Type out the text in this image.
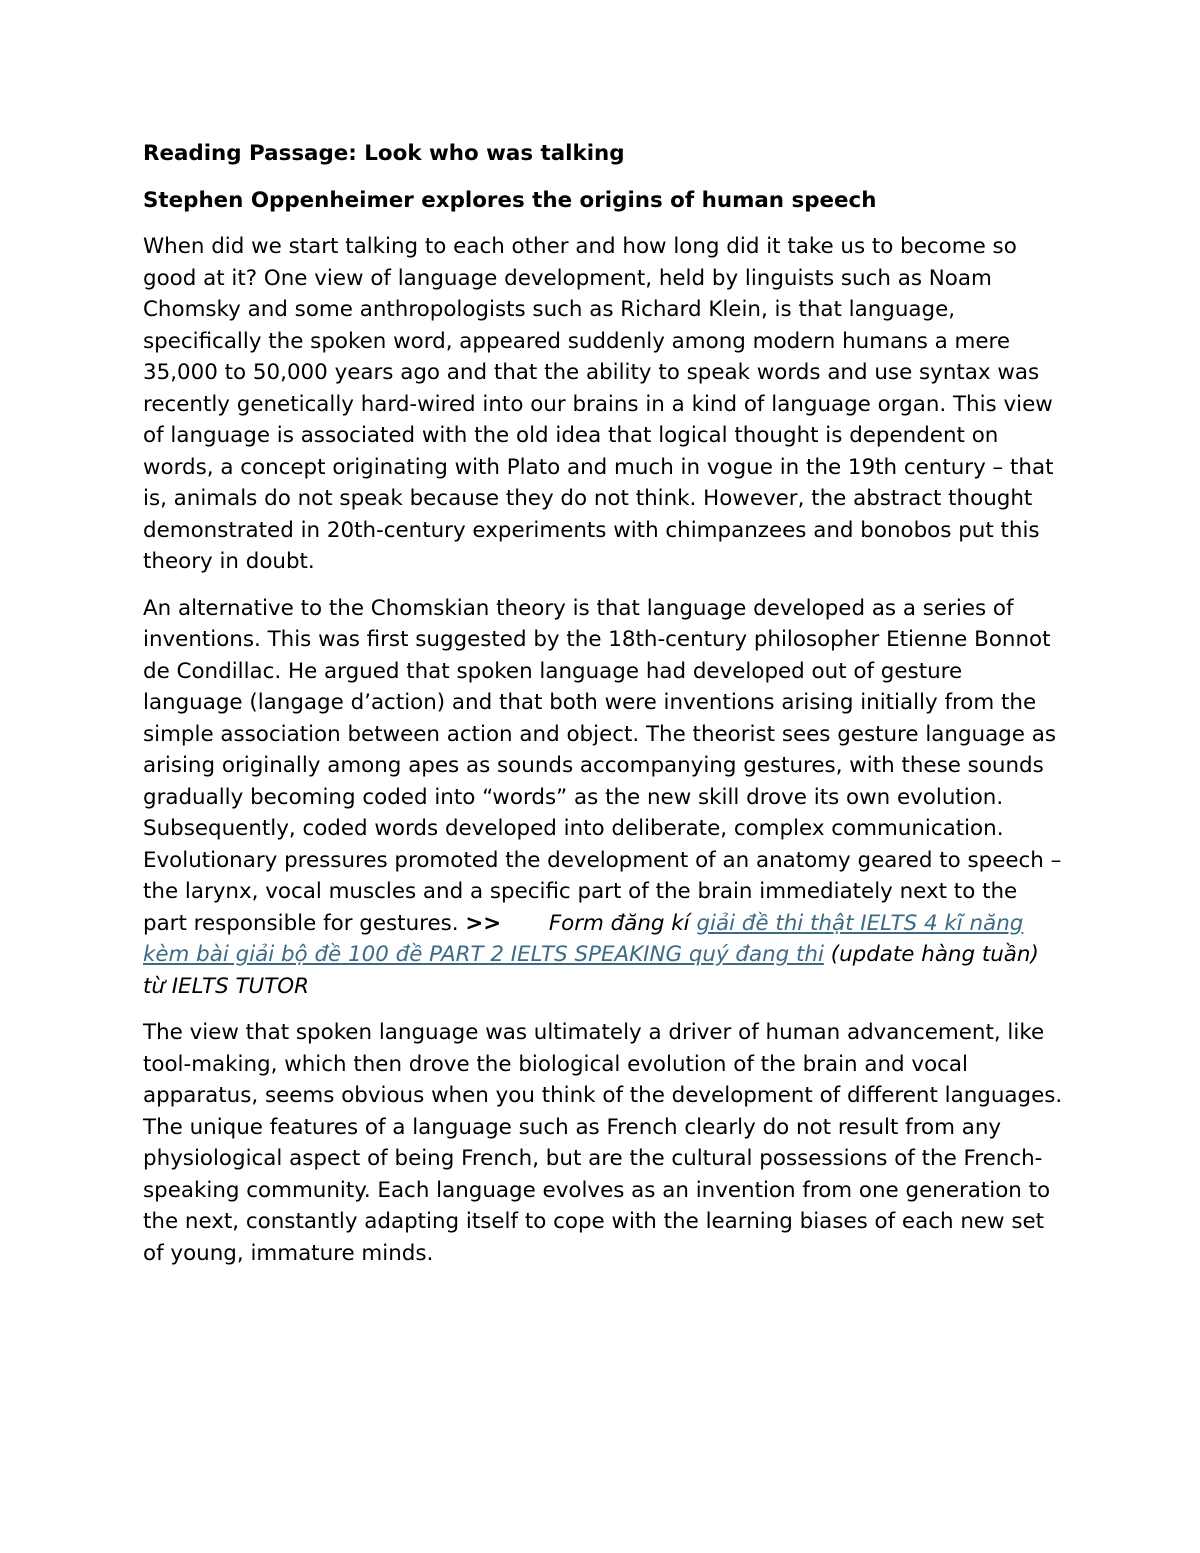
Reading Passage: Look who was talking
Stephen Oppenheimer explores the origins of human speech

When did we start talking to each other and how long did it take us to become so good at it? One view of language development, held by linguists such as Noam Chomsky and some anthropologists such as Richard Klein, is that language, specifically the spoken word, appeared suddenly among modern humans a mere 35,000 to 50,000 years ago and that the ability to speak words and use syntax was recently genetically hard-wired into our brains in a kind of language organ. This view of language is associated with the old idea that logical thought is dependent on words, a concept originating with Plato and much in vogue in the 19th century – that is, animals do not speak because they do not think. However, the abstract thought demonstrated in 20th-century experiments with chimpanzees and bonobos put this theory in doubt.

An alternative to the Chomskian theory is that language developed as a series of inventions. This was first suggested by the 18th-century philosopher Etienne Bonnot de Condillac. He argued that spoken language had developed out of gesture language (langage d’action) and that both were inventions arising initially from the simple association between action and object. The theorist sees gesture language as arising originally among apes as sounds accompanying gestures, with these sounds gradually becoming coded into “words” as the new skill drove its own evolution. Subsequently, coded words developed into deliberate, complex communication. Evolutionary pressures promoted the development of an anatomy geared to speech – the larynx, vocal muscles and a specific part of the brain immediately next to the part responsible for gestures. >> Form đăng kí giải đề thi thật IELTS 4 kĩ năng kèm bài giải bộ đề 100 đề PART 2 IELTS SPEAKING quý đang thi (update hàng tuần) từ IELTS TUTOR

The view that spoken language was ultimately a driver of human advancement, like tool-making, which then drove the biological evolution of the brain and vocal apparatus, seems obvious when you think of the development of different languages. The unique features of a language such as French clearly do not result from any physiological aspect of being French, but are the cultural possessions of the French-speaking community. Each language evolves as an invention from one generation to the next, constantly adapting itself to cope with the learning biases of each new set of young, immature minds.
